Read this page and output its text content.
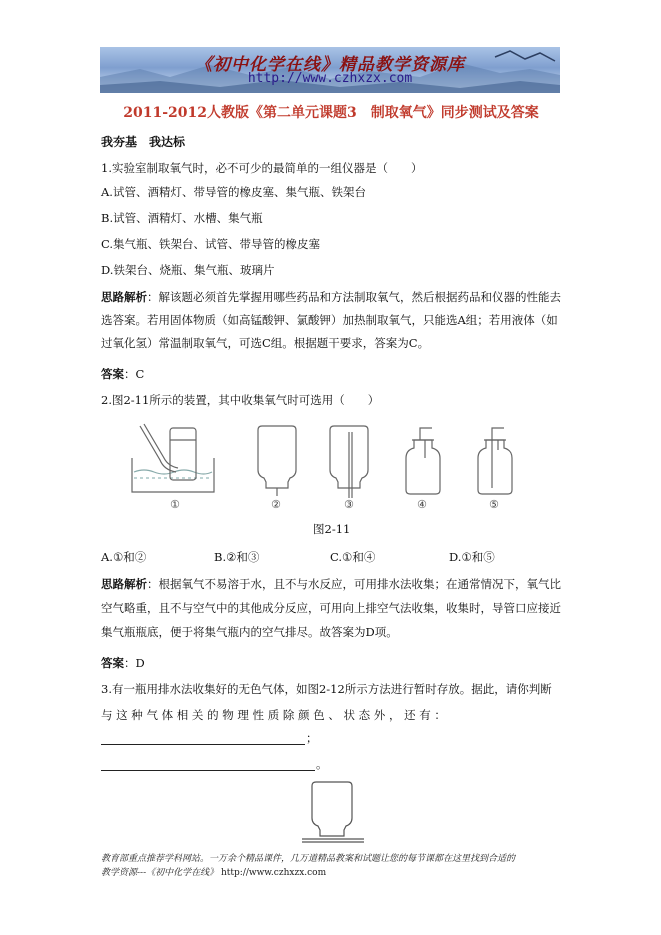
《初中化学在线》精品教学资源库
http://www.czhxzx.com
2011-2012人教版《第二单元课题3　制取氧气》同步测试及答案
我夯基　我达标
1.实验室制取氧气时，必不可少的最简单的一组仪器是（　　）
A.试管、酒精灯、带导管的橡皮塞、集气瓶、铁架台
B.试管、酒精灯、水槽、集气瓶
C.集气瓶、铁架台、试管、带导管的橡皮塞
D.铁架台、烧瓶、集气瓶、玻璃片
思路解析：解该题必须首先掌握用哪些药品和方法制取氧气，然后根据药品和仪器的性能去选答案。若用固体物质（如高锰酸钾、氯酸钾）加热制取氧气，只能选A组；若用液体（如过氧化氢）常温制取氧气，可选C组。根据题干要求，答案为C。
答案：C
2.图2-11所示的装置，其中收集氧气时可选用（　　）
①	②	③	④	⑤
图2-11
A.①和②	B.②和③	C.①和④	D.①和⑤
思路解析：根据氧气不易溶于水，且不与水反应，可用排水法收集；在通常情况下，氧气比空气略重，且不与空气中的其他成分反应，可用向上排空气法收集，收集时，导管口应接近集气瓶瓶底，便于将集气瓶内的空气排尽。故答案为D项。
答案：D
3.有一瓶用排水法收集好的无色气体，如图2-12所示方法进行暂时存放。据此，请你判断
与 这 种 气 体 相 关 的 物 理 性 质 除 颜 色 、 状 态 外 ， 还 有 ：
；
。
教育部重点推荐学科网站。一万余个精品课件，几万道精品教案和试题让您的每节课都在这里找到合适的
教学资源---《初中化学在线》 http://www.czhxzx.com
